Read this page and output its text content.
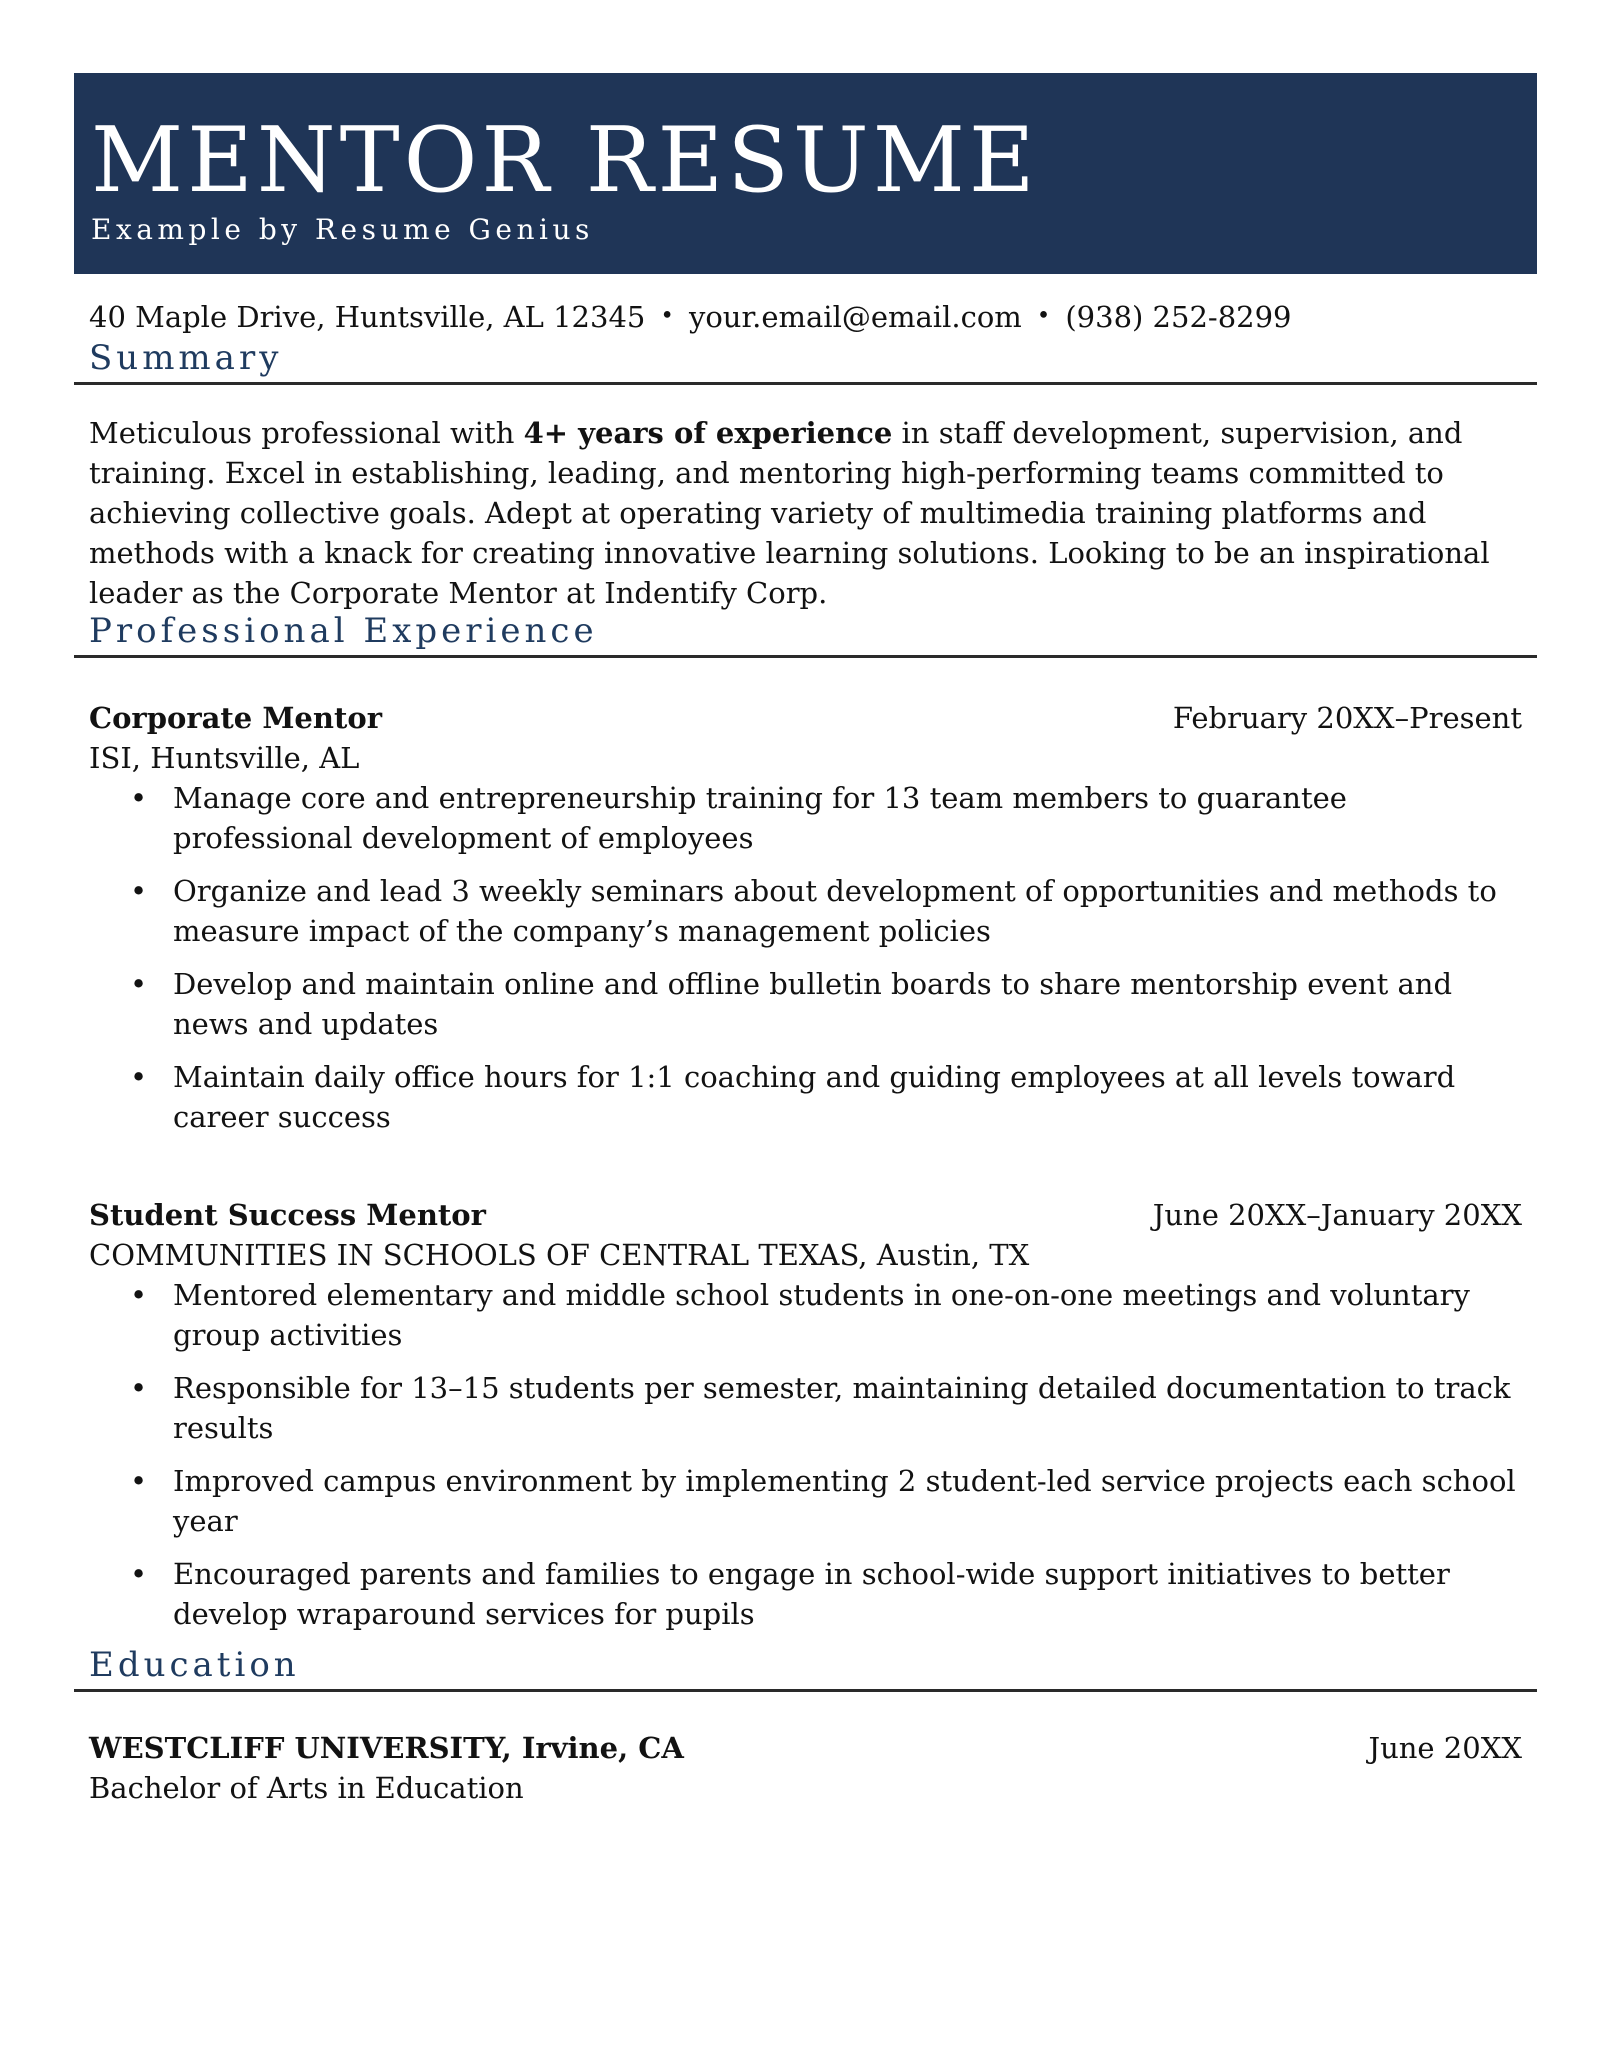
MENTOR RESUME
Example by Resume Genius
40 Maple Drive, Huntsville, AL 12345 • your.email@email.com • (938) 252-8299
Summary

Meticulous professional with 4+ years of experience in staff development, supervision, and training. Excel in establishing, leading, and mentoring high-performing teams committed to achieving collective goals. Adept at operating variety of multimedia training platforms and methods with a knack for creating innovative learning solutions. Looking to be an inspirational leader as the Corporate Mentor at Indentify Corp.

Professional Experience
Corporate Mentor	February 20XX–Present
ISI, Huntsville, AL
• Manage core and entrepreneurship training for 13 team members to guarantee professional development of employees
• Organize and lead 3 weekly seminars about development of opportunities and methods to measure impact of the company’s management policies
• Develop and maintain online and offline bulletin boards to share mentorship event and news and updates
• Maintain daily office hours for 1:1 coaching and guiding employees at all levels toward career success
Student Success Mentor	June 20XX–January 20XX
COMMUNITIES IN SCHOOLS OF CENTRAL TEXAS, Austin, TX
• Mentored elementary and middle school students in one-on-one meetings and voluntary group activities
• Responsible for 13–15 students per semester, maintaining detailed documentation to track results
• Improved campus environment by implementing 2 student-led service projects each school year
• Encouraged parents and families to engage in school-wide support initiatives to better develop wraparound services for pupils
Education
WESTCLIFF UNIVERSITY, Irvine, CA	June 20XX
Bachelor of Arts in Education
